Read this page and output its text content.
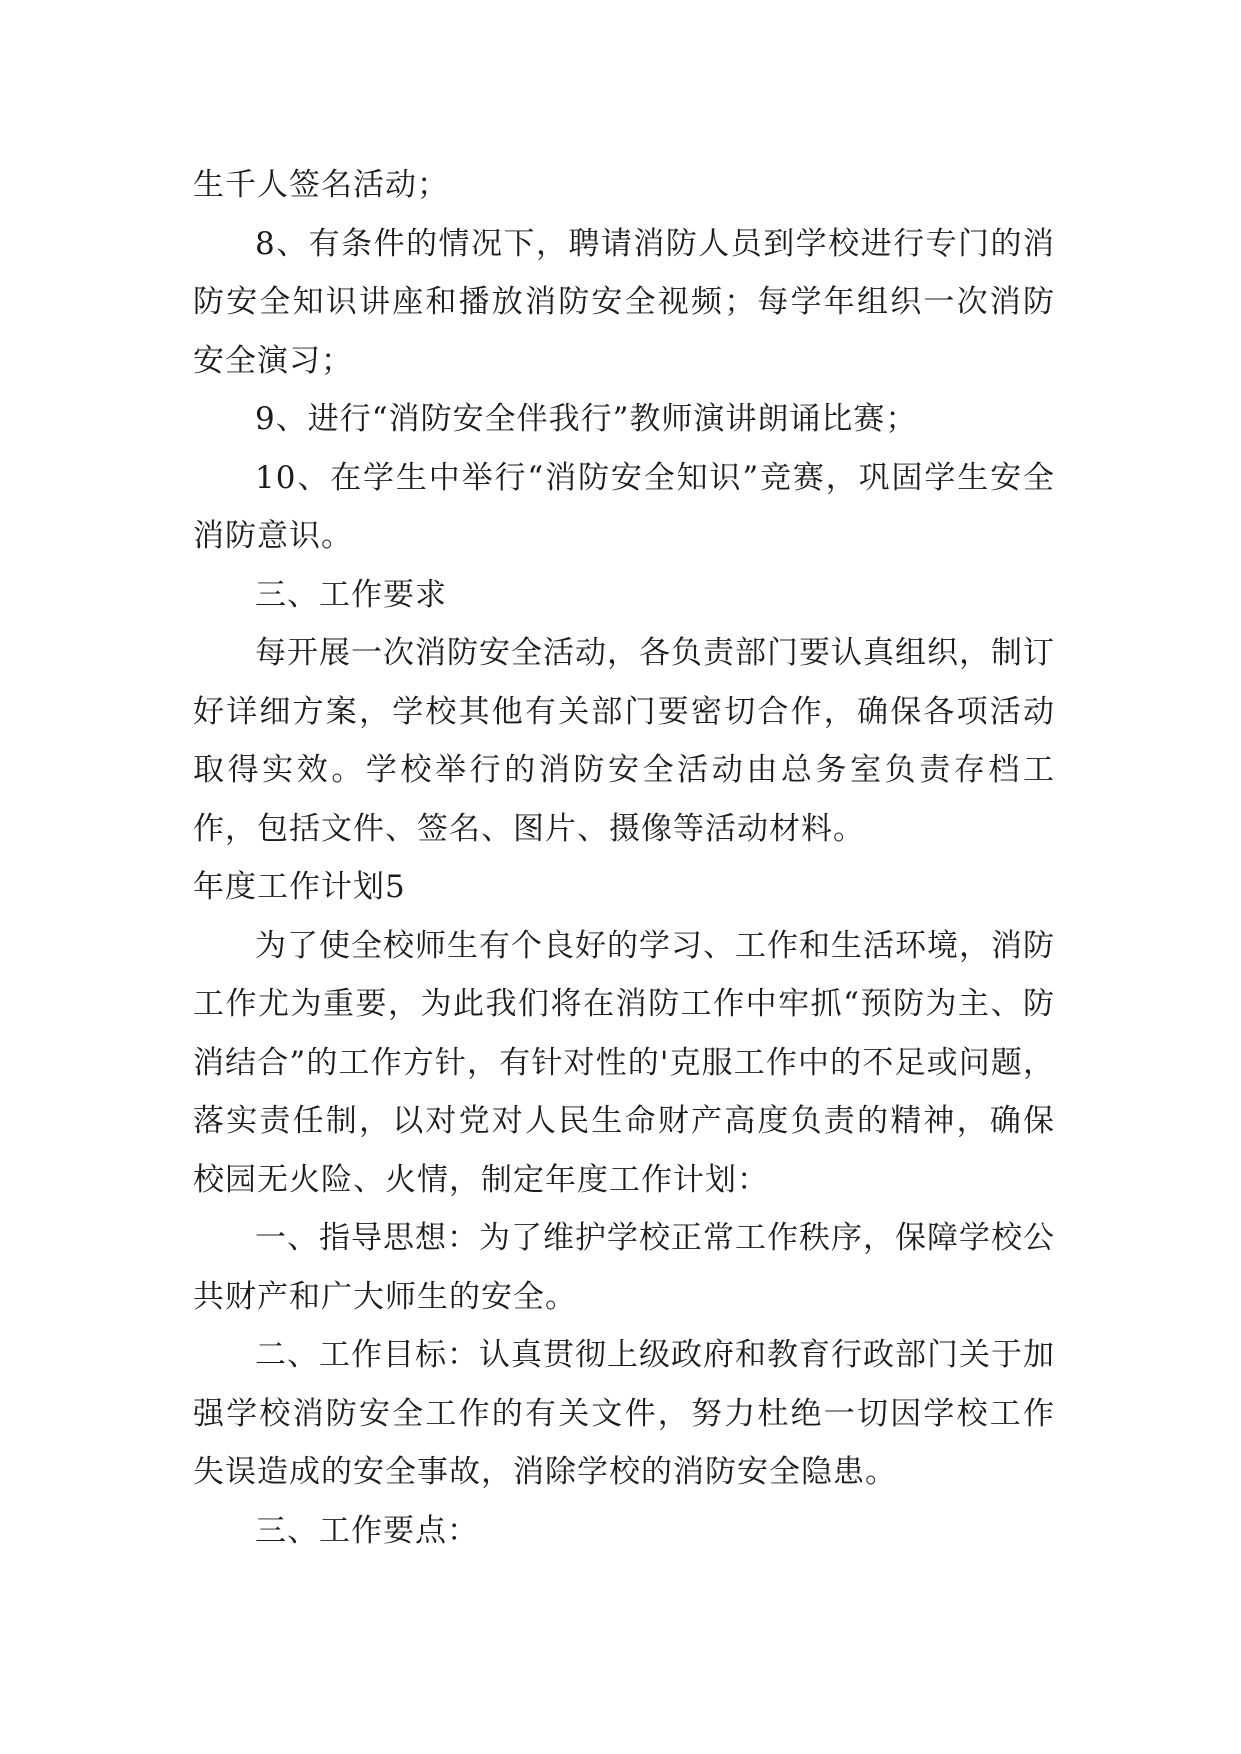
生千人签名活动；

8、有条件的情况下，聘请消防人员到学校进行专门的消防安全知识讲座和播放消防安全视频；每学年组织一次消防安全演习；

9、进行“消防安全伴我行”教师演讲朗诵比赛；

10、在学生中举行“消防安全知识”竞赛，巩固学生安全消防意识。

三、工作要求

每开展一次消防安全活动，各负责部门要认真组织，制订好详细方案，学校其他有关部门要密切合作，确保各项活动取得实效。学校举行的消防安全活动由总务室负责存档工作，包括文件、签名、图片、摄像等活动材料。

年度工作计划5

为了使全校师生有个良好的学习、工作和生活环境，消防工作尤为重要，为此我们将在消防工作中牢抓“预防为主、防消结合”的工作方针，有针对性的'克服工作中的不足或问题，落实责任制，以对党对人民生命财产高度负责的精神，确保校园无火险、火情，制定年度工作计划：

一、指导思想：为了维护学校正常工作秩序，保障学校公共财产和广大师生的安全。

二、工作目标：认真贯彻上级政府和教育行政部门关于加强学校消防安全工作的有关文件，努力杜绝一切因学校工作失误造成的安全事故，消除学校的消防安全隐患。

三、工作要点：
